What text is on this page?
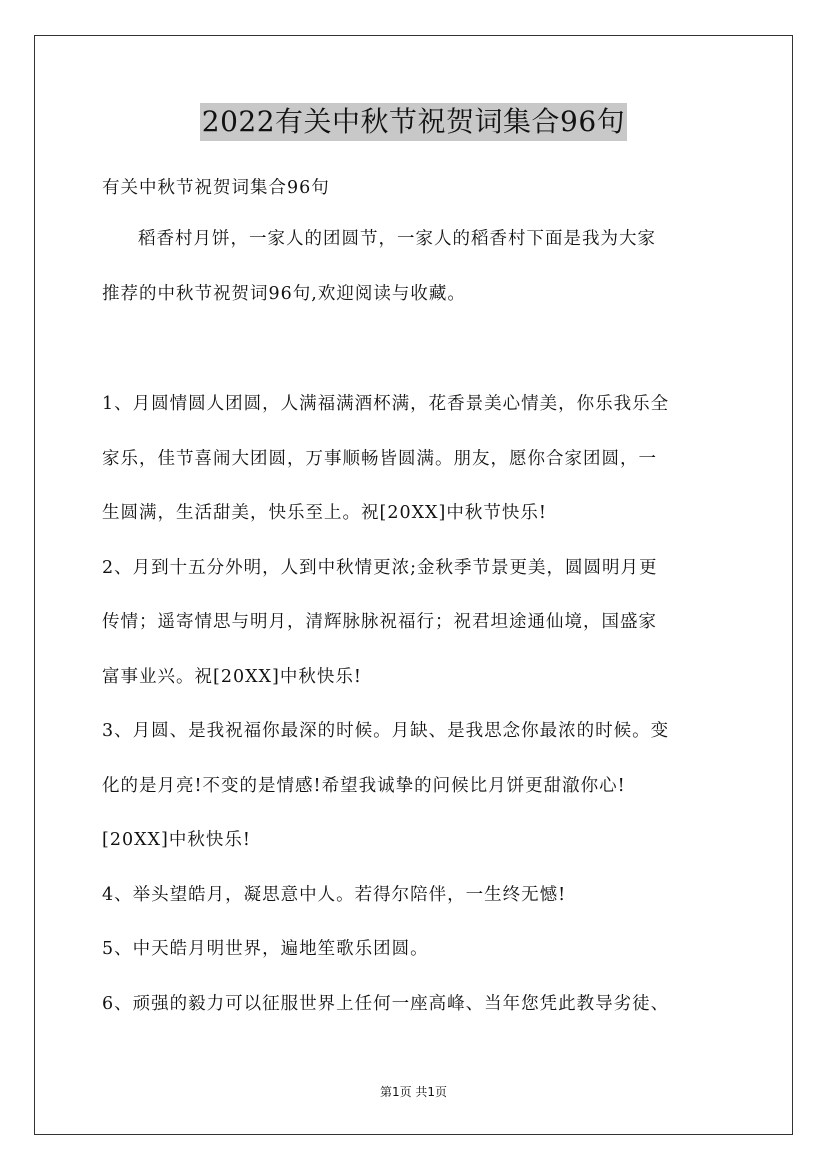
2022有关中秋节祝贺词集合96句
有关中秋节祝贺词集合96句
稻香村月饼，一家人的团圆节，一家人的稻香村下面是我为大家
推荐的中秋节祝贺词96句,欢迎阅读与收藏。
1、月圆情圆人团圆，人满福满酒杯满，花香景美心情美，你乐我乐全
家乐，佳节喜闹大团圆，万事顺畅皆圆满。朋友，愿你合家团圆，一
生圆满，生活甜美，快乐至上。祝[20XX]中秋节快乐!
2、月到十五分外明，人到中秋情更浓;金秋季节景更美，圆圆明月更
传情；遥寄情思与明月，清辉脉脉祝福行；祝君坦途通仙境，国盛家
富事业兴。祝[20XX]中秋快乐!
3、月圆、是我祝福你最深的时候。月缺、是我思念你最浓的时候。变
化的是月亮!不变的是情感!希望我诚挚的问候比月饼更甜澈你心!
[20XX]中秋快乐!
4、举头望皓月，凝思意中人。若得尔陪伴，一生终无憾!
5、中天皓月明世界，遍地笙歌乐团圆。
6、顽强的毅力可以征服世界上任何一座高峰、当年您凭此教导劣徒、
第1页 共1页
